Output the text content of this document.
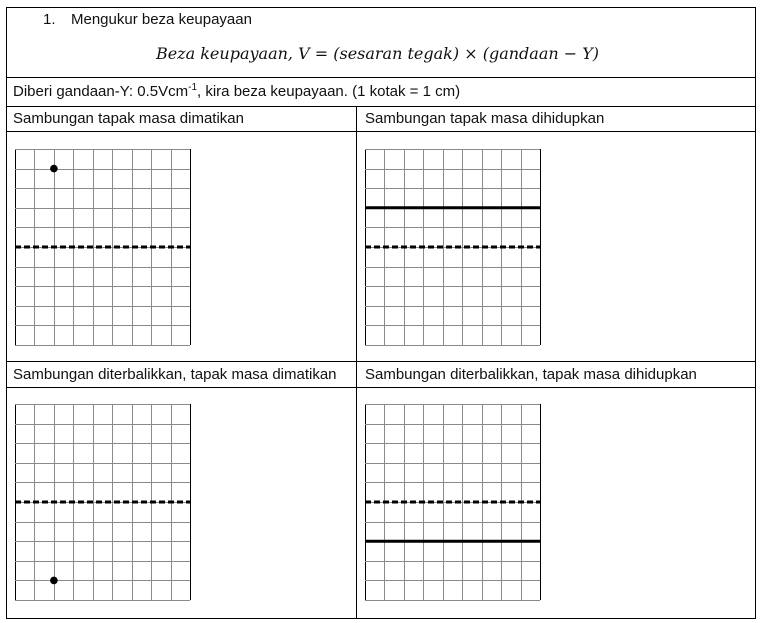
1. Mengukur beza keupayaan
Beza keupayaan, V = (sesaran tegak) × (gandaan − Y)
Diberi gandaan-Y: 0.5Vcm$^{-1}$, kira beza keupayaan. (1 kotak = 1 cm)
Sambungan tapak masa dimatikan	Sambungan tapak masa dihidupkan
Sambungan diterbalikkan, tapak masa dimatikan Sambungan diterbalikkan, tapak masa dihidupkan
